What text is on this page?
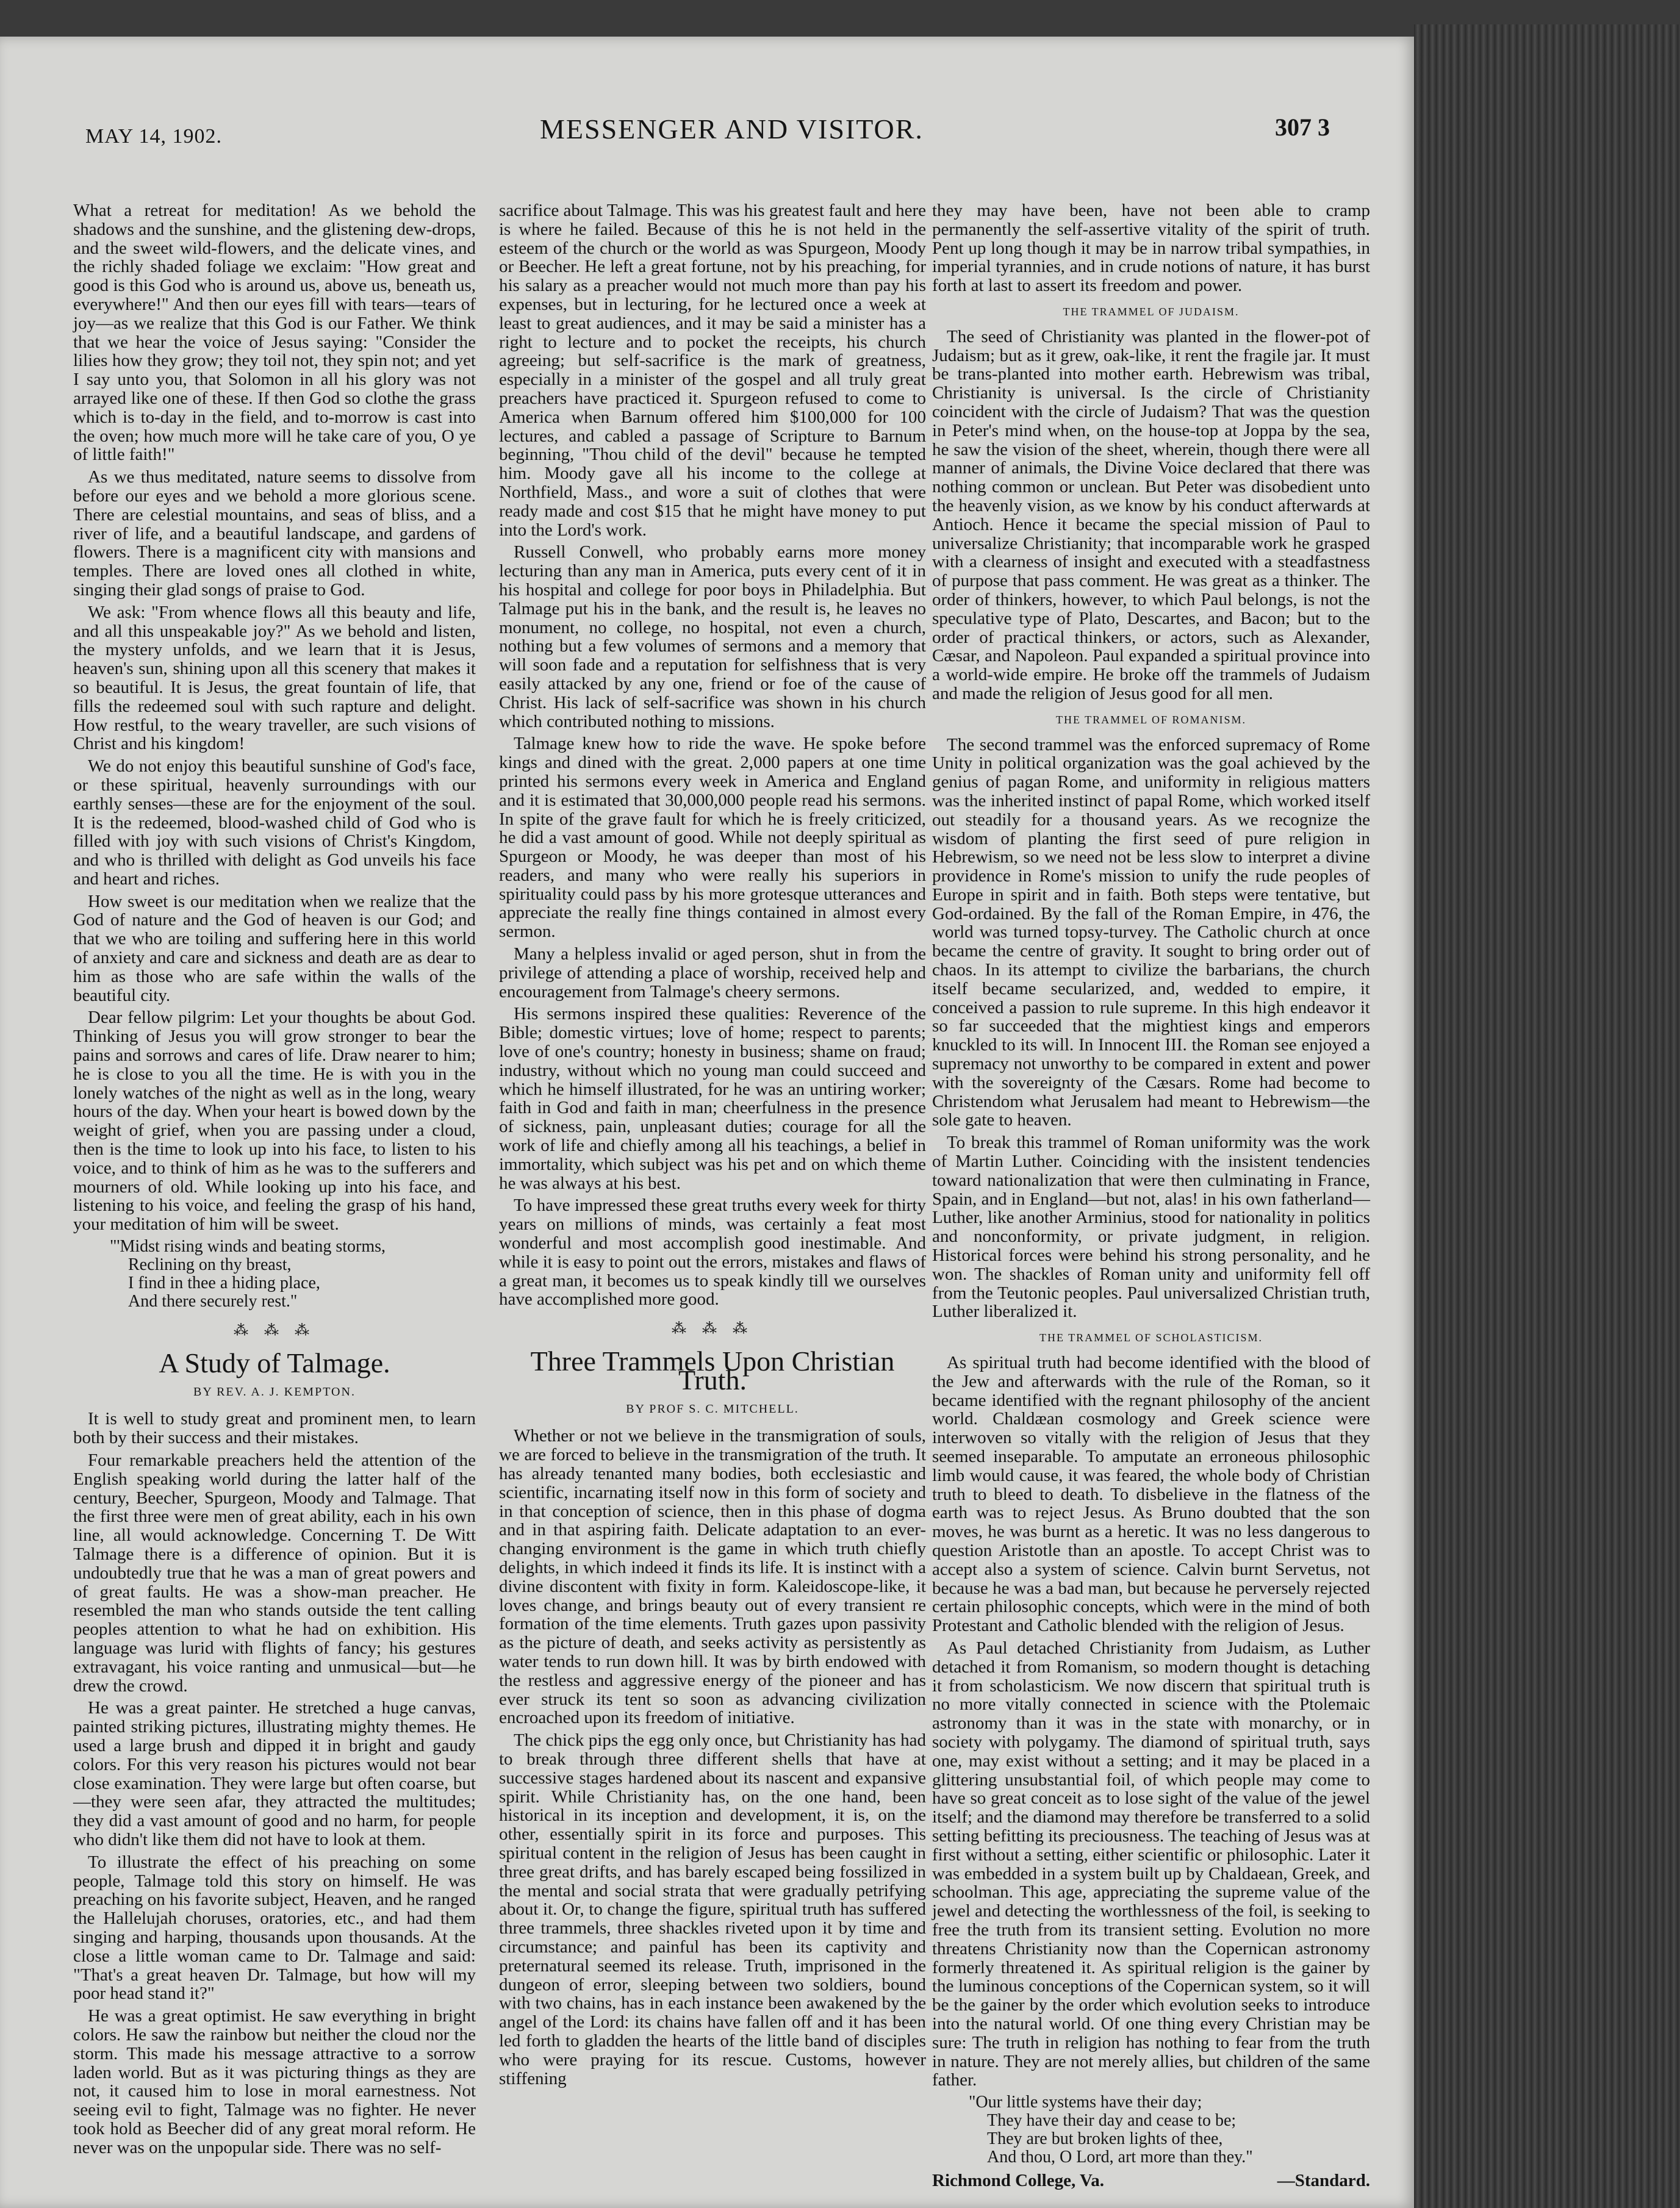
MAY 14, 1902.	MESSENGER AND VISITOR.	307 3

What a retreat for meditation! As we behold the shadows and the sunshine, and the glistening dew-drops, and the sweet wild-flowers, and the delicate vines, and the richly shaded foliage we exclaim: "How great and good is this God who is around us, above us, beneath us, everywhere!" And then our eyes fill with tears—tears of joy—as we realize that this God is our Father. We think that we hear the voice of Jesus saying: "Consider the lilies how they grow; they toil not, they spin not; and yet I say unto you, that Solomon in all his glory was not arrayed like one of these. If then God so clothe the grass which is to-day in the field, and to-morrow is cast into the oven; how much more will he take care of you, O ye of little faith!"

As we thus meditated, nature seems to dissolve from before our eyes and we behold a more glorious scene. There are celestial mountains, and seas of bliss, and a river of life, and a beautiful landscape, and gardens of flowers. There is a magnificent city with mansions and temples. There are loved ones all clothed in white, singing their glad songs of praise to God.

We ask: "From whence flows all this beauty and life, and all this unspeakable joy?" As we behold and listen, the mystery unfolds, and we learn that it is Jesus, heaven's sun, shining upon all this scenery that makes it so beautiful. It is Jesus, the great fountain of life, that fills the redeemed soul with such rapture and delight. How restful, to the weary traveller, are such visions of Christ and his kingdom!

We do not enjoy this beautiful sunshine of God's face, or these spiritual, heavenly surroundings with our earthly senses—these are for the enjoyment of the soul. It is the redeemed, blood-washed child of God who is filled with joy with such visions of Christ's Kingdom, and who is thrilled with delight as God unveils his face and heart and riches.

How sweet is our meditation when we realize that the God of nature and the God of heaven is our God; and that we who are toiling and suffering here in this world of anxiety and care and sickness and death are as dear to him as those who are safe within the walls of the beautiful city.

Dear fellow pilgrim: Let your thoughts be about God. Thinking of Jesus you will grow stronger to bear the pains and sorrows and cares of life. Draw nearer to him; he is close to you all the time. He is with you in the lonely watches of the night as well as in the long, weary hours of the day. When your heart is bowed down by the weight of grief, when you are passing under a cloud, then is the time to look up into his face, to listen to his voice, and to think of him as he was to the sufferers and mourners of old. While looking up into his face, and listening to his voice, and feeling the grasp of his hand, your meditation of him will be sweet.

"'Midst rising winds and beating storms,
Reclining on thy breast,
I find in thee a hiding place,
And there securely rest."
⁂ ⁂ ⁂
A Study of Talmage.
BY REV. A. J. KEMPTON.

It is well to study great and prominent men, to learn both by their success and their mistakes.

Four remarkable preachers held the attention of the English speaking world during the latter half of the century, Beecher, Spurgeon, Moody and Talmage. That the first three were men of great ability, each in his own line, all would acknowledge. Concerning T. De Witt Talmage there is a difference of opinion. But it is undoubtedly true that he was a man of great powers and of great faults. He was a show-man preacher. He resembled the man who stands outside the tent calling peoples attention to what he had on exhibition. His language was lurid with flights of fancy; his gestures extravagant, his voice ranting and unmusical—but—he drew the crowd.

He was a great painter. He stretched a huge canvas, painted striking pictures, illustrating mighty themes. He used a large brush and dipped it in bright and gaudy colors. For this very reason his pictures would not bear close examination. They were large but often coarse, but—they were seen afar, they attracted the multitudes; they did a vast amount of good and no harm, for people who didn't like them did not have to look at them.

To illustrate the effect of his preaching on some people, Talmage told this story on himself. He was preaching on his favorite subject, Heaven, and he ranged the Hallelujah choruses, oratories, etc., and had them singing and harping, thousands upon thousands. At the close a little woman came to Dr. Talmage and said: "That's a great heaven Dr. Talmage, but how will my poor head stand it?"

He was a great optimist. He saw everything in bright colors. He saw the rainbow but neither the cloud nor the storm. This made his message attractive to a sorrow laden world. But as it was picturing things as they are not, it caused him to lose in moral earnestness. Not seeing evil to fight, Talmage was no fighter. He never took hold as Beecher did of any great moral reform. He never was on the unpopular side. There was no self-

sacrifice about Talmage. This was his greatest fault and here is where he failed. Because of this he is not held in the esteem of the church or the world as was Spurgeon, Moody or Beecher. He left a great fortune, not by his preaching, for his salary as a preacher would not much more than pay his expenses, but in lecturing, for he lectured once a week at least to great audiences, and it may be said a minister has a right to lecture and to pocket the receipts, his church agreeing; but self-sacrifice is the mark of greatness, especially in a minister of the gospel and all truly great preachers have practiced it. Spurgeon refused to come to America when Barnum offered him $100,000 for 100 lectures, and cabled a passage of Scripture to Barnum beginning, "Thou child of the devil" because he tempted him. Moody gave all his income to the college at Northfield, Mass., and wore a suit of clothes that were ready made and cost $15 that he might have money to put into the Lord's work.

Russell Conwell, who probably earns more money lecturing than any man in America, puts every cent of it in his hospital and college for poor boys in Philadelphia. But Talmage put his in the bank, and the result is, he leaves no monument, no college, no hospital, not even a church, nothing but a few volumes of sermons and a memory that will soon fade and a reputation for selfishness that is very easily attacked by any one, friend or foe of the cause of Christ. His lack of self-sacrifice was shown in his church which contributed nothing to missions.

Talmage knew how to ride the wave. He spoke before kings and dined with the great. 2,000 papers at one time printed his sermons every week in America and England and it is estimated that 30,000,000 people read his sermons. In spite of the grave fault for which he is freely criticized, he did a vast amount of good. While not deeply spiritual as Spurgeon or Moody, he was deeper than most of his readers, and many who were really his superiors in spirituality could pass by his more grotesque utterances and appreciate the really fine things contained in almost every sermon.

Many a helpless invalid or aged person, shut in from the privilege of attending a place of worship, received help and encouragement from Talmage's cheery sermons.

His sermons inspired these qualities: Reverence of the Bible; domestic virtues; love of home; respect to parents; love of one's country; honesty in business; shame on fraud; industry, without which no young man could succeed and which he himself illustrated, for he was an untiring worker; faith in God and faith in man; cheerfulness in the presence of sickness, pain, unpleasant duties; courage for all the work of life and chiefly among all his teachings, a belief in immortality, which subject was his pet and on which theme he was always at his best.

To have impressed these great truths every week for thirty years on millions of minds, was certainly a feat most wonderful and most accomplish good inestimable. And while it is easy to point out the errors, mistakes and flaws of a great man, it becomes us to speak kindly till we ourselves have accomplished more good.

⁂ ⁂ ⁂
Three Trammels Upon Christian Truth.
BY PROF S. C. MITCHELL.

Whether or not we believe in the transmigration of souls, we are forced to believe in the transmigration of the truth. It has already tenanted many bodies, both ecclesiastic and scientific, incarnating itself now in this form of society and in that conception of science, then in this phase of dogma and in that aspiring faith. Delicate adaptation to an ever-changing environment is the game in which truth chiefly delights, in which indeed it finds its life. It is instinct with a divine discontent with fixity in form. Kaleidoscope-like, it loves change, and brings beauty out of every transient re formation of the time elements. Truth gazes upon passivity as the picture of death, and seeks activity as persistently as water tends to run down hill. It was by birth endowed with the restless and aggressive energy of the pioneer and has ever struck its tent so soon as advancing civilization encroached upon its freedom of initiative.

The chick pips the egg only once, but Christianity has had to break through three different shells that have at successive stages hardened about its nascent and expansive spirit. While Christianity has, on the one hand, been historical in its inception and development, it is, on the other, essentially spirit in its force and purposes. This spiritual content in the religion of Jesus has been caught in three great drifts, and has barely escaped being fossilized in the mental and social strata that were gradually petrifying about it. Or, to change the figure, spiritual truth has suffered three trammels, three shackles riveted upon it by time and circumstance; and painful has been its captivity and preternatural seemed its release. Truth, imprisoned in the dungeon of error, sleeping between two soldiers, bound with two chains, has in each instance been awakened by the angel of the Lord: its chains have fallen off and it has been led forth to gladden the hearts of the little band of disciples who were praying for its rescue. Customs, however stiffening

they may have been, have not been able to cramp permanently the self-assertive vitality of the spirit of truth. Pent up long though it may be in narrow tribal sympathies, in imperial tyrannies, and in crude notions of nature, it has burst forth at last to assert its freedom and power.

THE TRAMMEL OF JUDAISM.

The seed of Christianity was planted in the flower-pot of Judaism; but as it grew, oak-like, it rent the fragile jar. It must be trans-planted into mother earth. Hebrewism was tribal, Christianity is universal. Is the circle of Christianity coincident with the circle of Judaism? That was the question in Peter's mind when, on the house-top at Joppa by the sea, he saw the vision of the sheet, wherein, though there were all manner of animals, the Divine Voice declared that there was nothing common or unclean. But Peter was disobedient unto the heavenly vision, as we know by his conduct afterwards at Antioch. Hence it became the special mission of Paul to universalize Christianity; that incomparable work he grasped with a clearness of insight and executed with a steadfastness of purpose that pass comment. He was great as a thinker. The order of thinkers, however, to which Paul belongs, is not the speculative type of Plato, Descartes, and Bacon; but to the order of practical thinkers, or actors, such as Alexander, Cæsar, and Napoleon. Paul expanded a spiritual province into a world-wide empire. He broke off the trammels of Judaism and made the religion of Jesus good for all men.

THE TRAMMEL OF ROMANISM.

The second trammel was the enforced supremacy of Rome Unity in political organization was the goal achieved by the genius of pagan Rome, and uniformity in religious matters was the inherited instinct of papal Rome, which worked itself out steadily for a thousand years. As we recognize the wisdom of planting the first seed of pure religion in Hebrewism, so we need not be less slow to interpret a divine providence in Rome's mission to unify the rude peoples of Europe in spirit and in faith. Both steps were tentative, but God-ordained. By the fall of the Roman Empire, in 476, the world was turned topsy-turvey. The Catholic church at once became the centre of gravity. It sought to bring order out of chaos. In its attempt to civilize the barbarians, the church itself became secularized, and, wedded to empire, it conceived a passion to rule supreme. In this high endeavor it so far succeeded that the mightiest kings and emperors knuckled to its will. In Innocent III. the Roman see enjoyed a supremacy not unworthy to be compared in extent and power with the sovereignty of the Cæsars. Rome had become to Christendom what Jerusalem had meant to Hebrewism—the sole gate to heaven.

To break this trammel of Roman uniformity was the work of Martin Luther. Coinciding with the insistent tendencies toward nationalization that were then culminating in France, Spain, and in England—but not, alas! in his own fatherland—Luther, like another Arminius, stood for nationality in politics and nonconformity, or private judgment, in religion. Historical forces were behind his strong personality, and he won. The shackles of Roman unity and uniformity fell off from the Teutonic peoples. Paul universalized Christian truth, Luther liberalized it.

THE TRAMMEL OF SCHOLASTICISM.

As spiritual truth had become identified with the blood of the Jew and afterwards with the rule of the Roman, so it became identified with the regnant philosophy of the ancient world. Chaldæan cosmology and Greek science were interwoven so vitally with the religion of Jesus that they seemed inseparable. To amputate an erroneous philosophic limb would cause, it was feared, the whole body of Christian truth to bleed to death. To disbelieve in the flatness of the earth was to reject Jesus. As Bruno doubted that the son moves, he was burnt as a heretic. It was no less dangerous to question Aristotle than an apostle. To accept Christ was to accept also a system of science. Calvin burnt Servetus, not because he was a bad man, but because he perversely rejected certain philosophic concepts, which were in the mind of both Protestant and Catholic blended with the religion of Jesus.

As Paul detached Christianity from Judaism, as Luther detached it from Romanism, so modern thought is detaching it from scholasticism. We now discern that spiritual truth is no more vitally connected in science with the Ptolemaic astronomy than it was in the state with monarchy, or in society with polygamy. The diamond of spiritual truth, says one, may exist without a setting; and it may be placed in a glittering unsubstantial foil, of which people may come to have so great conceit as to lose sight of the value of the jewel itself; and the diamond may therefore be transferred to a solid setting befitting its preciousness. The teaching of Jesus was at first without a setting, either scientific or philosophic. Later it was embedded in a system built up by Chaldaean, Greek, and schoolman. This age, appreciating the supreme value of the jewel and detecting the worthlessness of the foil, is seeking to free the truth from its transient setting. Evolution no more threatens Christianity now than the Copernican astronomy formerly threatened it. As spiritual religion is the gainer by the luminous conceptions of the Copernican system, so it will be the gainer by the order which evolution seeks to introduce into the natural world. Of one thing every Christian may be sure: The truth in religion has nothing to fear from the truth in nature. They are not merely allies, but children of the same father.

"Our little systems have their day;
They have their day and cease to be;
They are but broken lights of thee,
And thou, O Lord, art more than they."
Richmond College, Va.	—Standard.
